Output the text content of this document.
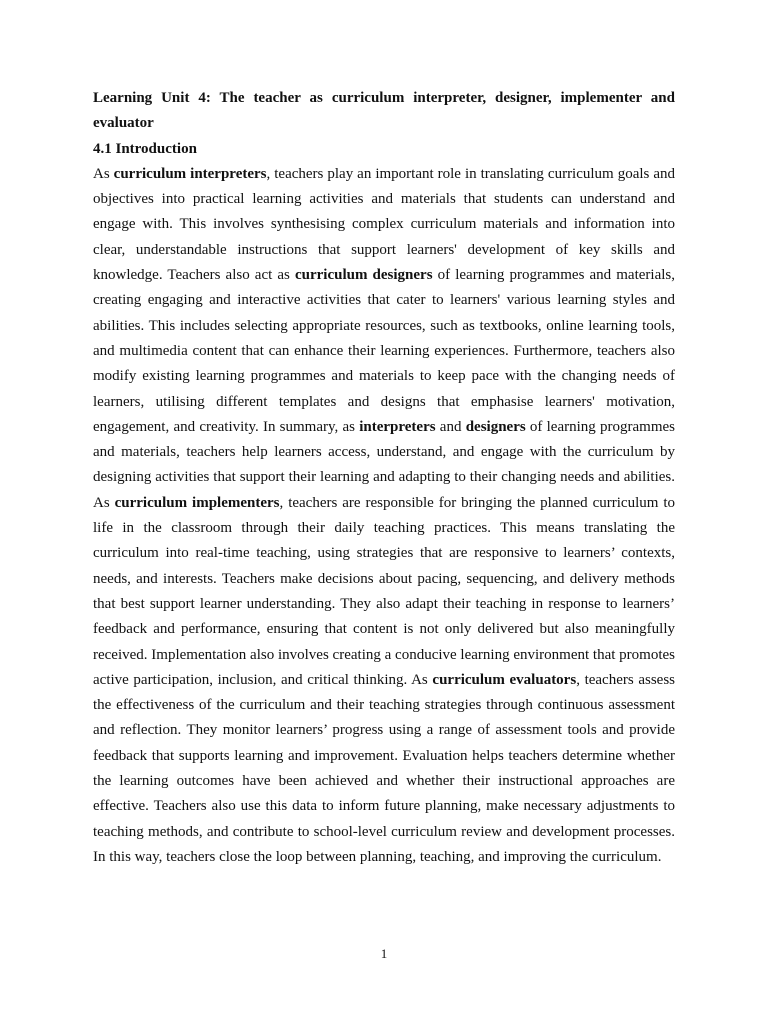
Learning Unit 4: The teacher as curriculum interpreter, designer, implementer and evaluator

4.1 Introduction

As curriculum interpreters, teachers play an important role in translating curriculum goals and objectives into practical learning activities and materials that students can understand and engage with. This involves synthesising complex curriculum materials and information into clear, understandable instructions that support learners' development of key skills and knowledge. Teachers also act as curriculum designers of learning programmes and materials, creating engaging and interactive activities that cater to learners' various learning styles and abilities. This includes selecting appropriate resources, such as textbooks, online learning tools, and multimedia content that can enhance their learning experiences. Furthermore, teachers also modify existing learning programmes and materials to keep pace with the changing needs of learners, utilising different templates and designs that emphasise learners' motivation, engagement, and creativity. In summary, as interpreters and designers of learning programmes and materials, teachers help learners access, understand, and engage with the curriculum by designing activities that support their learning and adapting to their changing needs and abilities. As curriculum implementers, teachers are responsible for bringing the planned curriculum to life in the classroom through their daily teaching practices. This means translating the curriculum into real-time teaching, using strategies that are responsive to learners’ contexts, needs, and interests. Teachers make decisions about pacing, sequencing, and delivery methods that best support learner understanding. They also adapt their teaching in response to learners’ feedback and performance, ensuring that content is not only delivered but also meaningfully received. Implementation also involves creating a conducive learning environment that promotes active participation, inclusion, and critical thinking. As curriculum evaluators, teachers assess the effectiveness of the curriculum and their teaching strategies through continuous assessment and reflection. They monitor learners’ progress using a range of assessment tools and provide feedback that supports learning and improvement. Evaluation helps teachers determine whether the learning outcomes have been achieved and whether their instructional approaches are effective. Teachers also use this data to inform future planning, make necessary adjustments to teaching methods, and contribute to school-level curriculum review and development processes. In this way, teachers close the loop between planning, teaching, and improving the curriculum.

1
